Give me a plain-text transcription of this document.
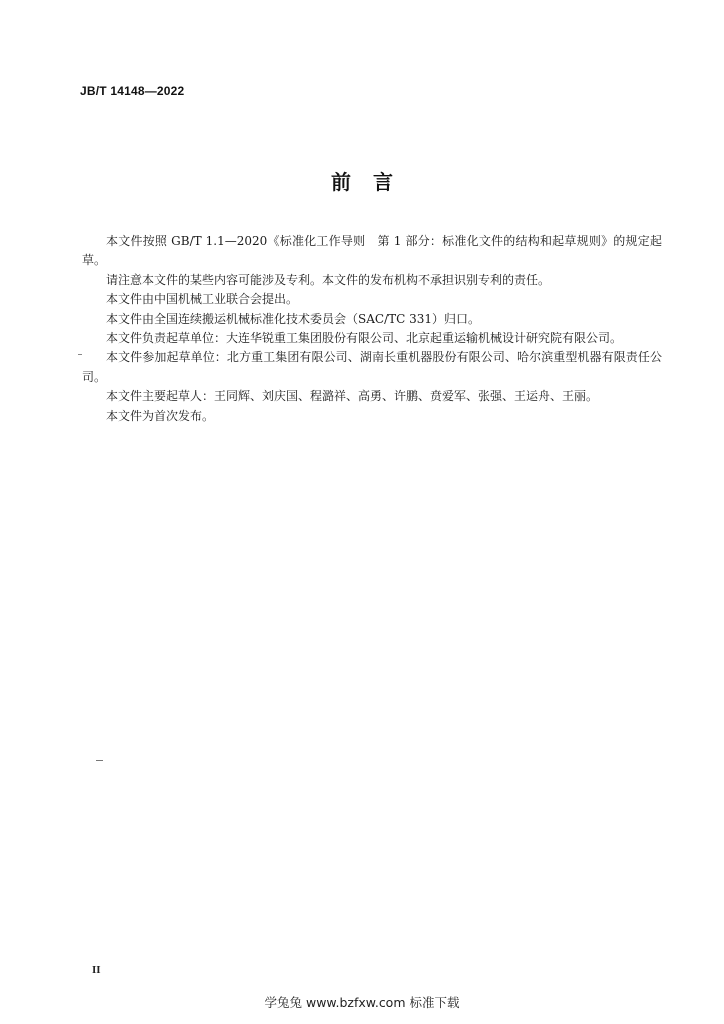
JB/T 14148—2022
前言

本文件按照 GB/T 1.1—2020《标准化工作导则　第 1 部分：标准化文件的结构和起草规则》的规定起草。

请注意本文件的某些内容可能涉及专利。本文件的发布机构不承担识别专利的责任。

本文件由中国机械工业联合会提出。

本文件由全国连续搬运机械标准化技术委员会（SAC/TC 331）归口。

本文件负责起草单位：大连华锐重工集团股份有限公司、北京起重运输机械设计研究院有限公司。

本文件参加起草单位：北方重工集团有限公司、湖南长重机器股份有限公司、哈尔滨重型机器有限责任公司。

本文件主要起草人：王同辉、刘庆国、程潞祥、高勇、许鹏、贲爱军、张强、王运舟、王丽。

本文件为首次发布。

II
学兔兔 www.bzfxw.com 标准下载
